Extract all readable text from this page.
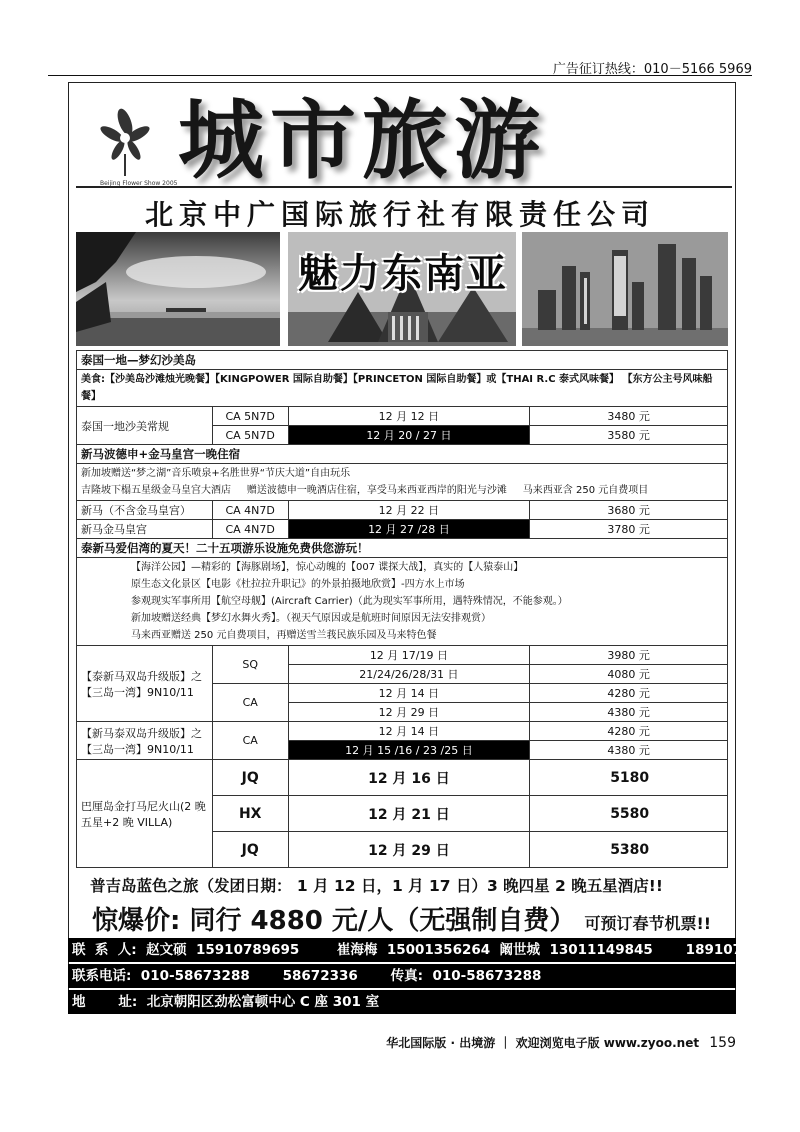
广告征订热线：010－5166 5969
Beijing Flower Show 2005 城市旅游
北京中广国际旅行社有限责任公司
魅力东南亚
泰国一地—梦幻沙美岛			
美食:【沙美岛沙滩烛光晚餐】【KINGPOWER 国际自助餐】【PRINCETON 国际自助餐】或【THAI R.C 泰式风味餐】 【东方公主号风味船餐】			
泰国一地沙美常规	CA 5N7D	12 月 12 日	3480 元
	CA 5N7D	12 月 20 / 27 日	3580 元
新马波德申+金马皇宫一晚住宿			

新加坡赠送“梦之湖”音乐喷泉+名胜世界“节庆大道”自由玩乐
吉隆坡下榻五星级金马皇宫大酒店     赠送波德申一晚酒店住宿，享受马来西亚西岸的阳光与沙滩     马来西亚含 250 元自费项目			

新马（不含金马皇宫）	CA 4N7D	12 月 22 日	3680 元
新马金马皇宫	CA 4N7D	12 月 27 /28 日	3780 元
泰新马爱侣湾的夏天！二十五项游乐设施免费供您游玩！			

【海洋公园】—精彩的【海豚剧场】，惊心动魄的【007 谍探大战】，真实的【人猿泰山】
原生态文化景区【电影《杜拉拉升职记》的外景拍摄地欣赏】-四方水上市场
参观现实军事所用【航空母舰】(Aircraft Carrier)（此为现实军事所用，遇特殊情况，不能参观。）
新加坡赠送经典【梦幻水舞火秀】。（视天气原因或是航班时间原因无法安排观赏）
马来西亚赠送 250 元自费项目，再赠送雪兰莪民族乐园及马来特色餐			

【泰新马双岛升级版】之
【三岛一湾】9N10/11	SQ	12 月 17/19 日	3980 元
		21/24/26/28/31 日	4080 元
	CA	12 月 14 日	4280 元
		12 月 29 日	4380 元

【新马泰双岛升级版】之
【三岛一湾】9N10/11	CA	12 月 14 日	4280 元
		12 月 15 /16 / 23 /25 日	4380 元

巴厘岛金打马尼火山(2 晚
五星+2 晚 VILLA)	JQ	12 月 16 日	5180
	HX	12 月 21 日	5580
	JQ	12 月 29 日	5380
普吉岛蓝色之旅（发团日期： 1 月 12 日，1 月 17 日）3 晚四星 2 晚五星酒店!!
惊爆价: 同行 4880 元/人（无强制自费） 可预订春节机票!!
联  系  人:  赵文硕  15910789695        崔海梅  15001356264  阚世城  13011149845       18910787870
联系电话:  010-58673288       58672336       传真:  010-58673288
地       址:  北京朝阳区劲松富顿中心 C 座 301 室
华北国际版 · 出境游 ｜ 欢迎浏览电子版 www.zyoo.net 159
